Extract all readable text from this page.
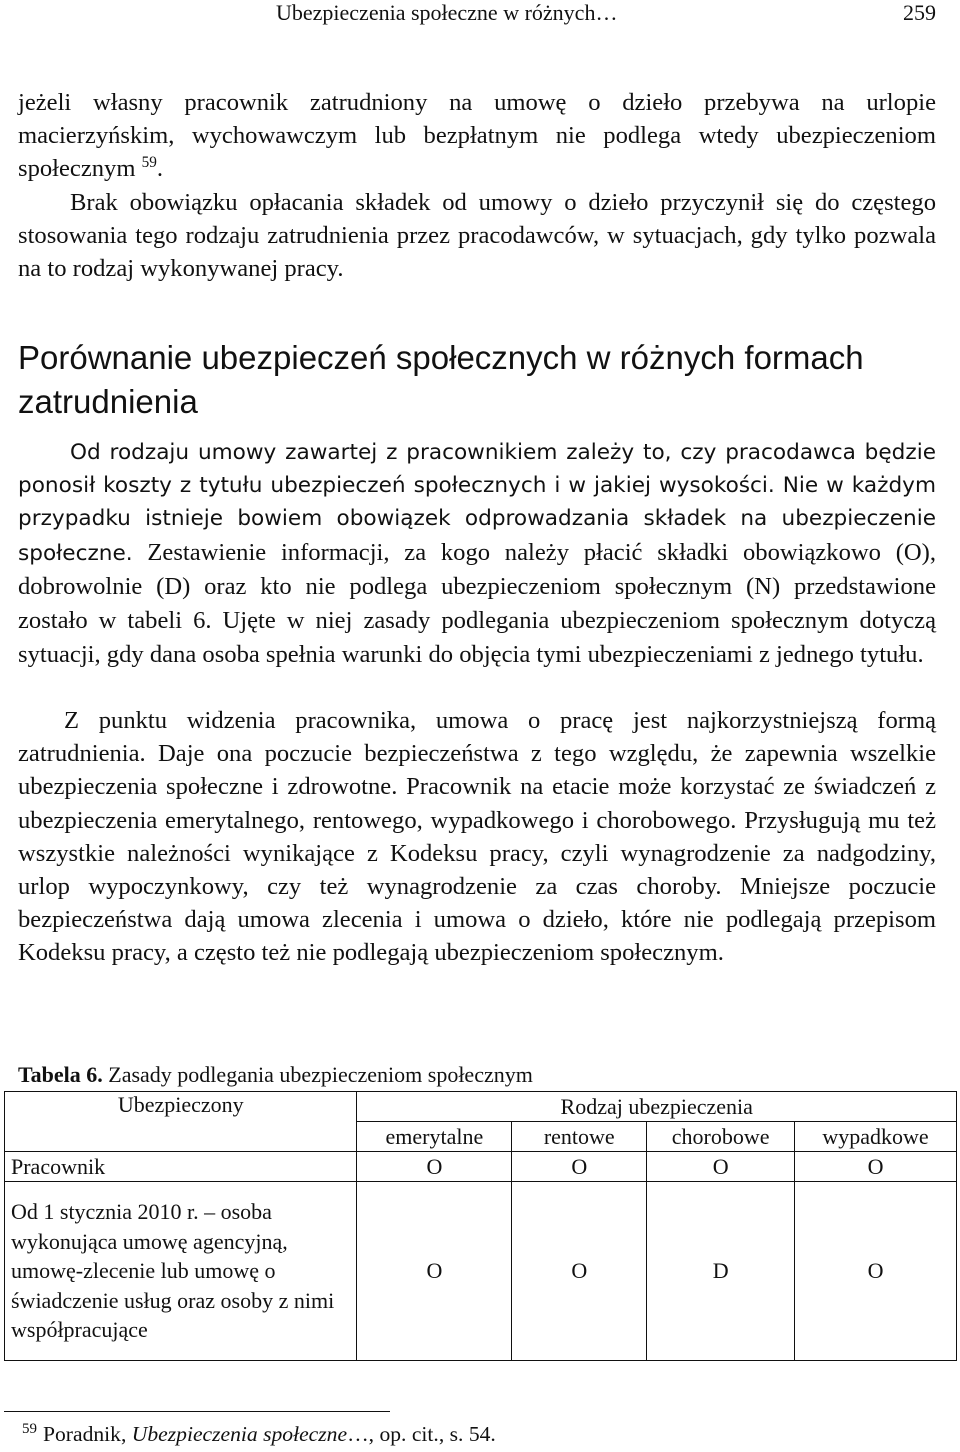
Ubezpieczenia społeczne w różnych…	259

jeżeli własny pracownik zatrudniony na umowę o dzieło przebywa na urlopie macierzyńskim, wychowawczym lub bezpłatnym nie podlega wtedy ubezpieczeniom społecznym $^{59}$.

Brak obowiązku opłacania składek od umowy o dzieło przyczynił się do częstego stosowania tego rodzaju zatrudnienia przez pracodawców, w sytuacjach, gdy tylko pozwala na to rodzaj wykonywanej pracy.

Porównanie ubezpieczeń społecznych w różnych formach zatrudnienia

Od rodzaju umowy zawartej z pracownikiem zależy to, czy pracodawca będzie ponosił koszty z tytułu ubezpieczeń społecznych i w jakiej wysokości. Nie w każdym przypadku istnieje bowiem obowiązek odprowadzania składek na ubezpieczenie społeczne. Zestawienie informacji, za kogo należy płacić składki obowiązkowo (O), dobrowolnie (D) oraz kto nie podlega ubezpieczeniom społecznym (N) przedstawione zostało w tabeli 6. Ujęte w niej zasady podlegania ubezpieczeniom społecznym dotyczą sytuacji, gdy dana osoba spełnia warunki do objęcia tymi ubezpieczeniami z jednego tytułu.

Z punktu widzenia pracownika, umowa o pracę jest najkorzystniejszą formą zatrudnienia. Daje ona poczucie bezpieczeństwa z tego względu, że zapewnia wszelkie ubezpieczenia społeczne i zdrowotne. Pracownik na etacie może korzystać ze świadczeń z ubezpieczenia emerytalnego, rentowego, wypadkowego i chorobowego. Przysługują mu też wszystkie należności wynikające z Kodeksu pracy, czyli wynagrodzenie za nadgodziny, urlop wypoczynkowy, czy też wynagrodzenie za czas choroby. Mniejsze poczucie bezpieczeństwa dają umowa zlecenia i umowa o dzieło, które nie podlegają przepisom Kodeksu pracy, a często też nie podlegają ubezpieczeniom społecznym.

Tabela 6. Zasady podlegania ubezpieczeniom społecznym
Ubezpieczony	Rodzaj ubezpieczenia			
	emerytalne	rentowe	chorobowe	wypadkowe
Pracownik	O	O	O	O
Od 1 stycznia 2010 r. – osoba wykonująca umowę agencyjną, umowę-zlecenie lub umowę o świadczenie usług oraz osoby z nimi współpracujące	O	O	D	O
$^{59}$ Poradnik, Ubezpieczenia społeczne…, op. cit., s. 54.
